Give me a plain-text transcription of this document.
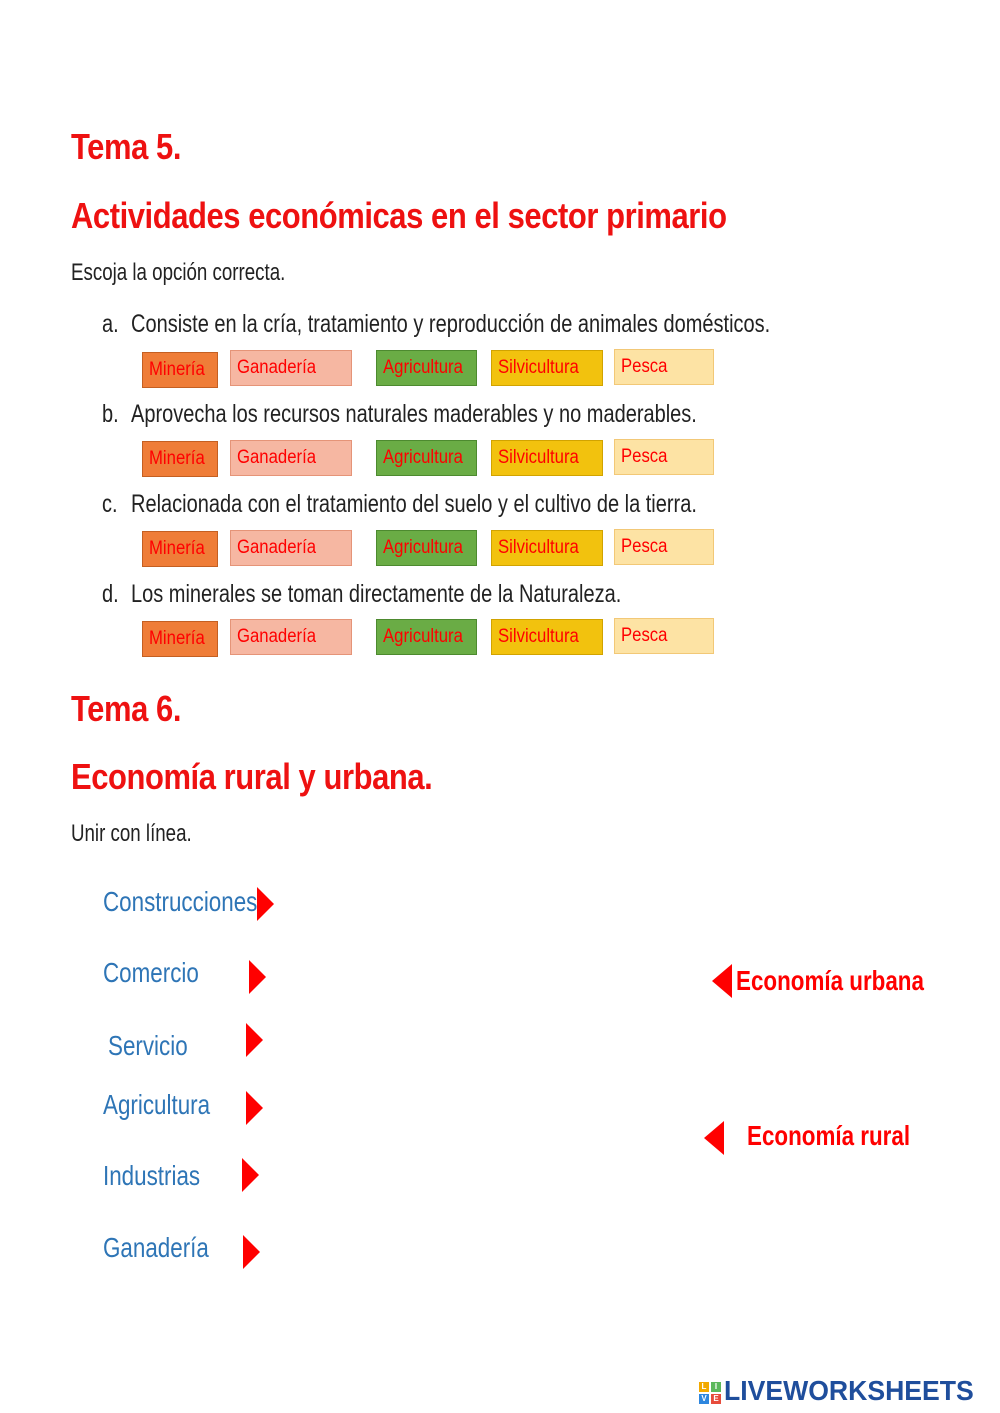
Tema 5.
Actividades económicas en el sector primario
Escoja la opción correcta.
a. Consiste en la cría, tratamiento y reproducción de animales domésticos.
Minería	Ganadería	Agricultura	Silvicultura	Pesca
b. Aprovecha los recursos naturales maderables y no maderables.
Minería	Ganadería	Agricultura	Silvicultura	Pesca
c. Relacionada con el tratamiento del suelo y el cultivo de la tierra.
Minería	Ganadería	Agricultura	Silvicultura	Pesca
d. Los minerales se toman directamente de la Naturaleza.
Minería	Ganadería	Agricultura	Silvicultura	Pesca
Tema 6.
Economía rural y urbana.
Unir con línea.
Construcciones
Comercio
Servicio
Agricultura
Industrias
Ganadería
Economía urbana
Economía rural
L	I
V E LIVEWORKSHEETS
